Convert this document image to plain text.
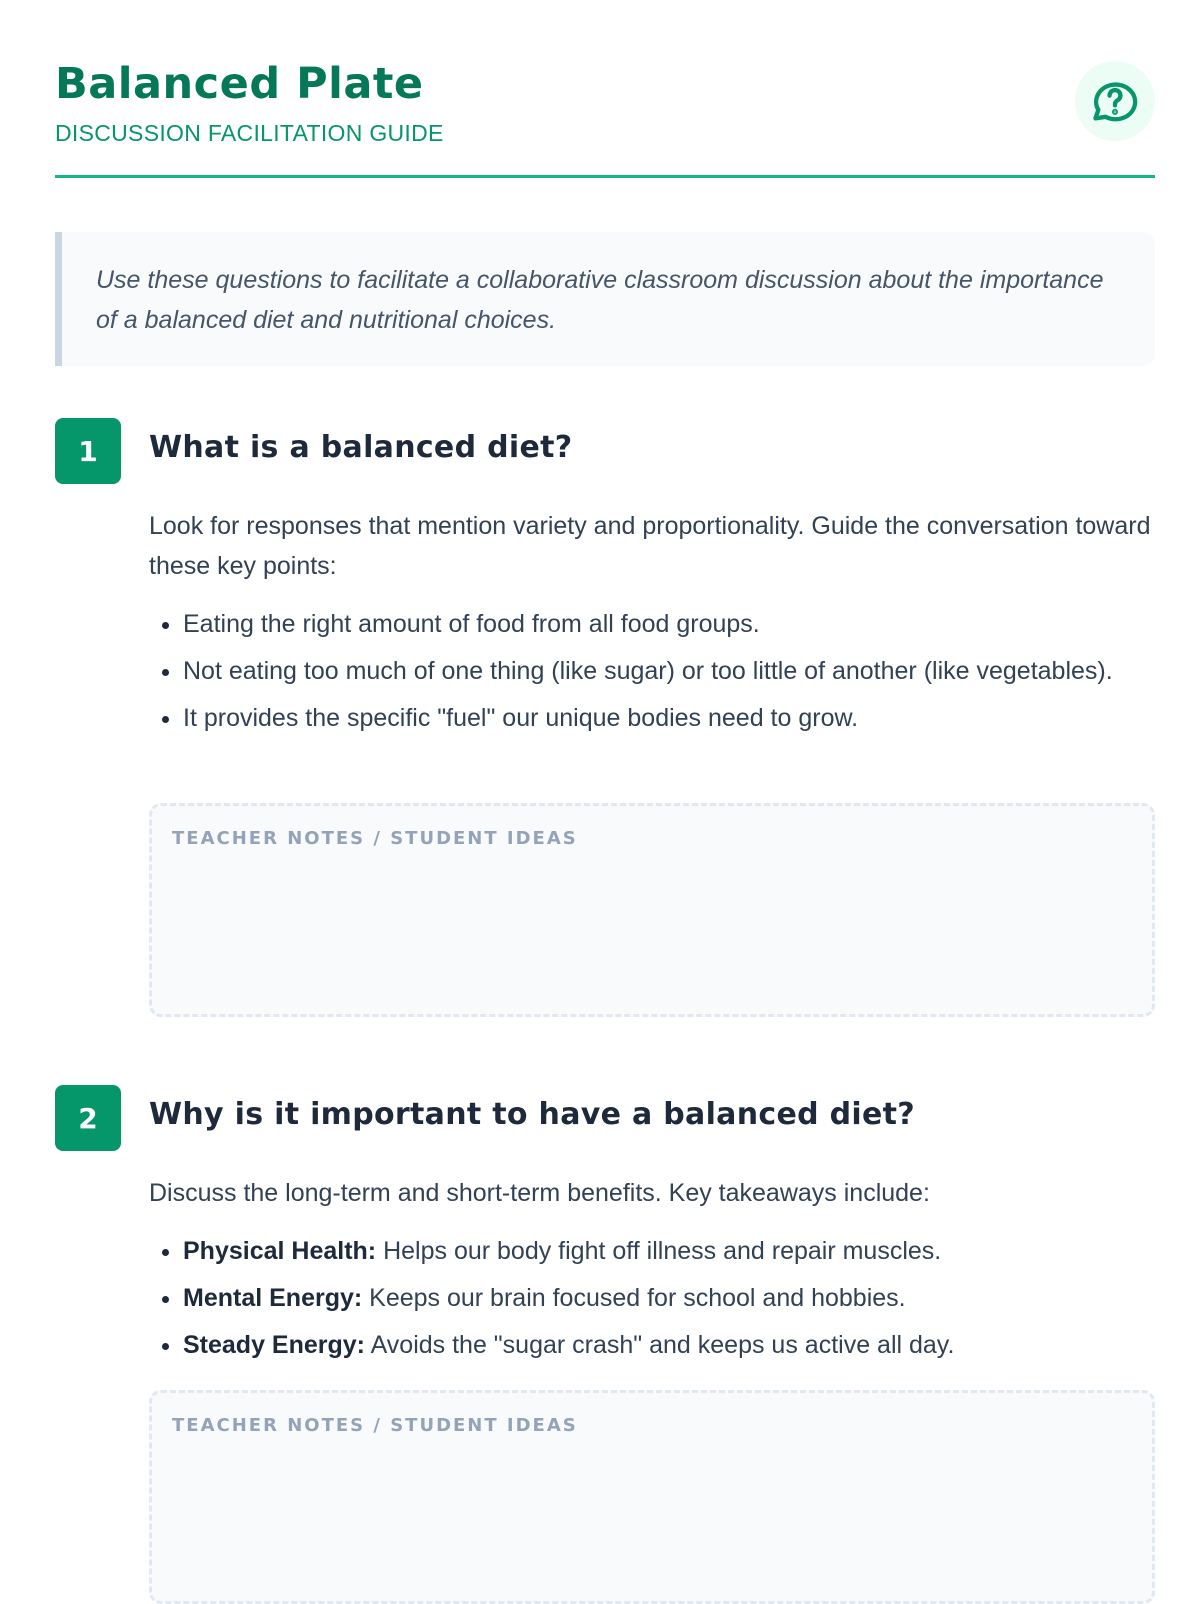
Balanced Plate
DISCUSSION FACILITATION GUIDE

Use these questions to facilitate a collaborative classroom discussion about the importance of a balanced diet and nutritional choices.

1	What is a balanced diet?

Look for responses that mention variety and proportionality. Guide the conversation toward these key points:

• Eating the right amount of food from all food groups.
• Not eating too much of one thing (like sugar) or too little of another (like vegetables).
• It provides the specific "fuel" our unique bodies need to grow.
TEACHER NOTES / STUDENT IDEAS
2	Why is it important to have a balanced diet?

Discuss the long-term and short-term benefits. Key takeaways include:

• Physical Health: Helps our body fight off illness and repair muscles.
• Mental Energy: Keeps our brain focused for school and hobbies.
• Steady Energy: Avoids the "sugar crash" and keeps us active all day.
TEACHER NOTES / STUDENT IDEAS
